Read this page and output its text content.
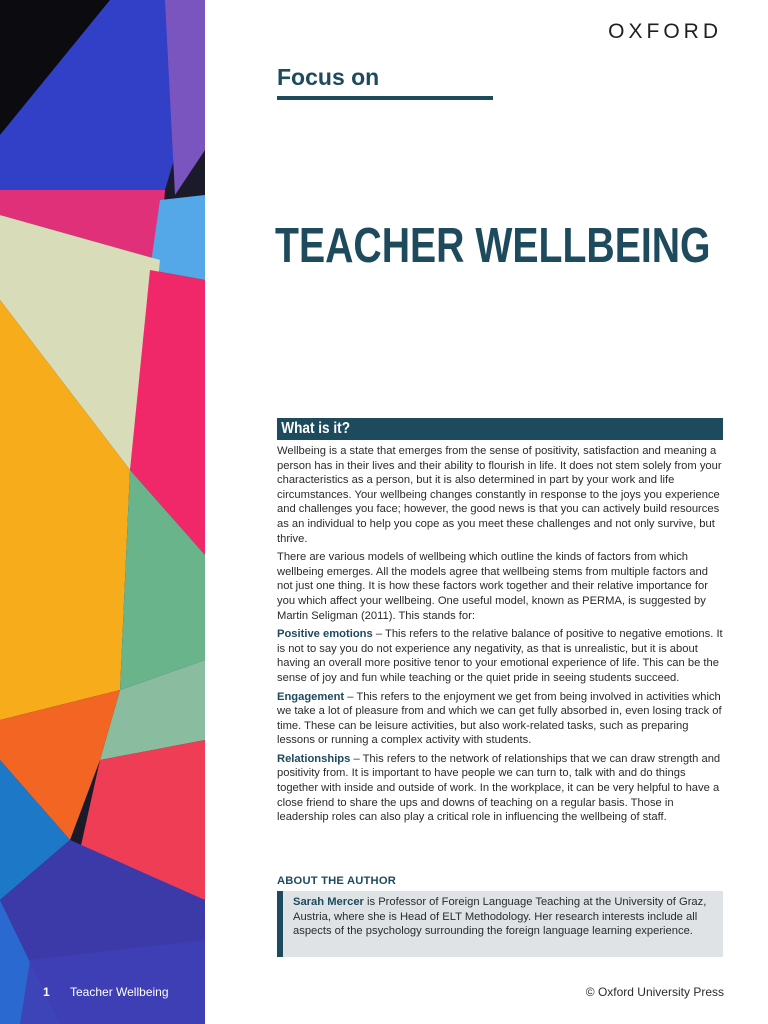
OXFORD
Focus on
TEACHER WELLBEING
What is it?

Wellbeing is a state that emerges from the sense of positivity, satisfaction and meaning a person has in their lives and their ability to flourish in life. It does not stem solely from your characteristics as a person, but it is also determined in part by your work and life circumstances. Your wellbeing changes constantly in response to the joys you experience and challenges you face; however, the good news is that you can actively build resources as an individual to help you cope as you meet these challenges and not only survive, but thrive.

There are various models of wellbeing which outline the kinds of factors from which wellbeing emerges. All the models agree that wellbeing stems from multiple factors and not just one thing. It is how these factors work together and their relative importance for you which affect your wellbeing. One useful model, known as PERMA, is suggested by Martin Seligman (2011). This stands for:

Positive emotions – This refers to the relative balance of positive to negative emotions. It is not to say you do not experience any negativity, as that is unrealistic, but it is about having an overall more positive tenor to your emotional experience of life. This can be the sense of joy and fun while teaching or the quiet pride in seeing students succeed.

Engagement – This refers to the enjoyment we get from being involved in activities which we take a lot of pleasure from and which we can get fully absorbed in, even losing track of time. These can be leisure activities, but also work-related tasks, such as preparing lessons or running a complex activity with students.

Relationships – This refers to the network of relationships that we can draw strength and positivity from. It is important to have people we can turn to, talk with and do things together with inside and outside of work. In the workplace, it can be very helpful to have a close friend to share the ups and downs of teaching on a regular basis. Those in leadership roles can also play a critical role in influencing the wellbeing of staff.

ABOUT THE AUTHOR
Sarah Mercer is Professor of Foreign Language Teaching at the University of Graz, Austria, where she is Head of ELT Methodology. Her research interests include all aspects of the psychology surrounding the foreign language learning experience.
1 Teacher Wellbeing	© Oxford University Press
